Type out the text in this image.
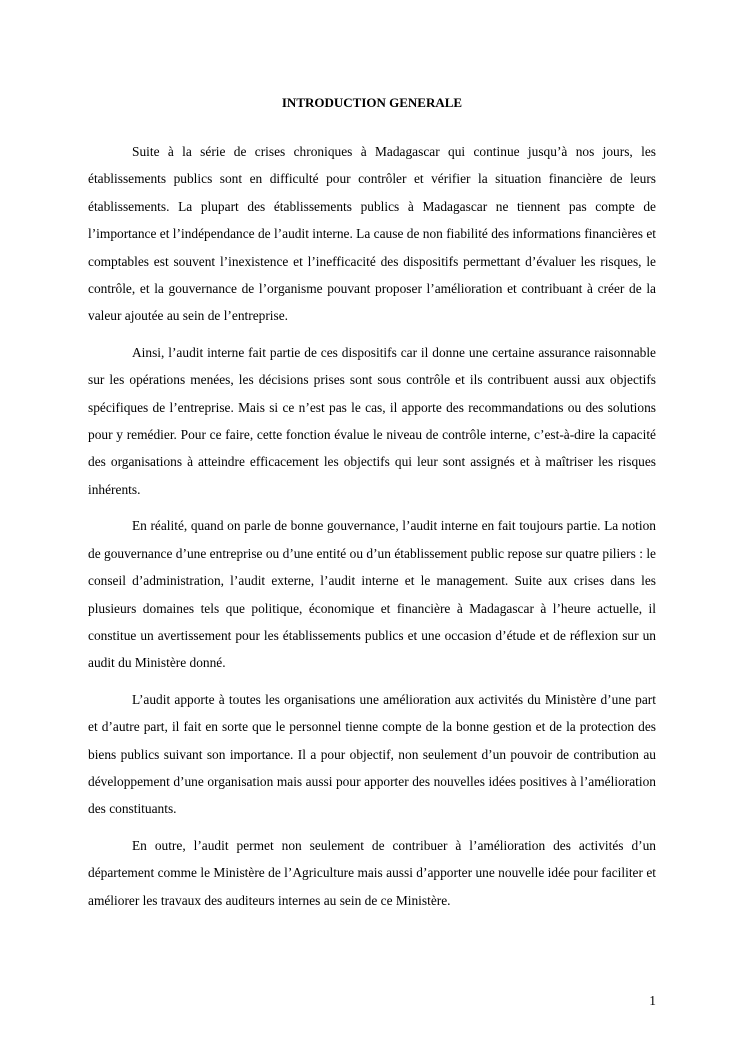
INTRODUCTION GENERALE

Suite à la série de crises chroniques à Madagascar qui continue jusqu’à nos jours, les établissements publics sont en difficulté pour contrôler et vérifier la situation financière de leurs établissements. La plupart des établissements publics à Madagascar ne tiennent pas compte de l’importance et l’indépendance de l’audit interne. La cause de non fiabilité des informations financières et comptables est souvent l’inexistence et l’inefficacité des dispositifs permettant d’évaluer les risques, le contrôle, et la gouvernance de l’organisme pouvant proposer l’amélioration et contribuant à créer de la valeur ajoutée au sein de l’entreprise.

Ainsi, l’audit interne fait partie de ces dispositifs car il donne une certaine assurance raisonnable sur les opérations menées, les décisions prises sont sous contrôle et ils contribuent aussi aux objectifs spécifiques de l’entreprise. Mais si ce n’est pas le cas, il apporte des recommandations ou des solutions pour y remédier. Pour ce faire, cette fonction évalue le niveau de contrôle interne, c’est-à-dire la capacité des organisations à atteindre efficacement les objectifs qui leur sont assignés et à maîtriser les risques inhérents.

En réalité, quand on parle de bonne gouvernance, l’audit interne en fait toujours partie. La notion de gouvernance d’une entreprise ou d’une entité ou d’un établissement public repose sur quatre piliers : le conseil d’administration, l’audit externe, l’audit interne et le management. Suite aux crises dans les plusieurs domaines tels que politique, économique et financière à Madagascar à l’heure actuelle, il constitue un avertissement pour les établissements publics et une occasion d’étude et de réflexion sur un audit du Ministère donné.

L’audit apporte à toutes les organisations une amélioration aux activités du Ministère d’une part et d’autre part, il fait en sorte que le personnel tienne compte de la bonne gestion et de la protection des biens publics suivant son importance. Il a pour objectif, non seulement d’un pouvoir de contribution au développement d’une organisation mais aussi pour apporter des nouvelles idées positives à l’amélioration des constituants.

En outre, l’audit permet non seulement de contribuer à l’amélioration des activités d’un département comme le Ministère de l’Agriculture mais aussi d’apporter une nouvelle idée pour faciliter et améliorer les travaux des auditeurs internes au sein de ce Ministère.

1
